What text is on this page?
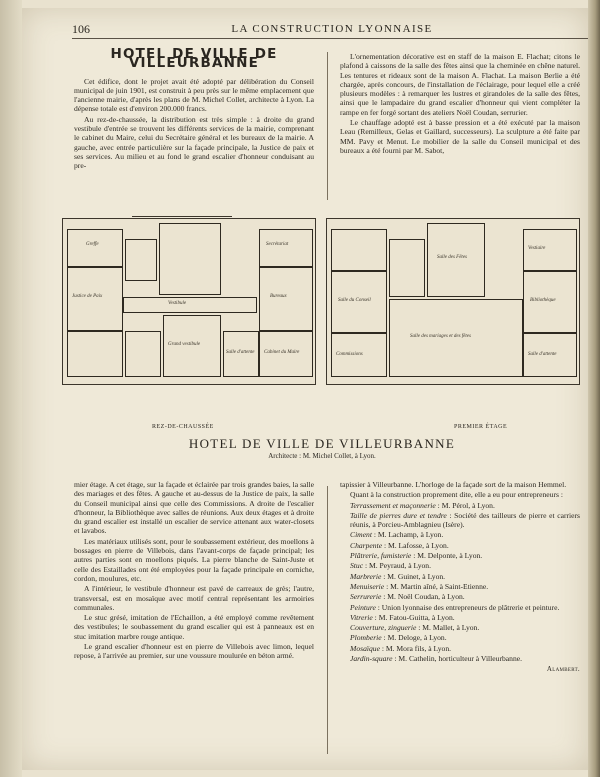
106	LA CONSTRUCTION LYONNAISE
HOTEL DE VILLE DE VILLEURBANNE

Cet édifice, dont le projet avait été adopté par délibération du Conseil municipal de juin 1901, est construit à peu près sur le même emplacement que l'ancienne mairie, d'après les plans de M. Michel Collet, architecte à Lyon. La dépense totale est d'environ 200.000 francs.

Au rez-de-chaussée, la distribution est très simple : à droite du grand vestibule d'entrée se trouvent les différents services de la mairie, comprenant le cabinet du Maire, celui du Secrétaire général et les bureaux de la mairie. A gauche, avec entrée particulière sur la façade principale, la Justice de paix et ses services. Au milieu et au fond le grand escalier d'honneur conduisant au pre-

L'ornementation décorative est en staff de la maison E. Flachat; citons le plafond à caissons de la salle des fêtes ainsi que la cheminée en chêne naturel. Les tentures et rideaux sont de la maison A. Flachat. La maison Berlie a été chargée, après concours, de l'installation de l'éclairage, pour lequel elle a créé plusieurs modèles : à remarquer les lustres et girandoles de la salle des fêtes, ainsi que le lampadaire du grand escalier d'honneur qui vient compléter la rampe en fer forgé sortant des ateliers Noël Coudan, serrurier.

Le chauffage adopté est à basse pression et a été exécuté par la maison Leau (Remilleux, Gelas et Gaillard, successeurs). La sculpture a été faite par MM. Pavy et Menut. Le mobilier de la salle du Conseil municipal et des bureaux a été fourni par M. Sabot,

Greffe
Justice de Paix
Vestibule
Grand vestibule
Salle d'attente
Secrétariat
Bureaux
Cabinet du Maire
Salle du Conseil
Commissions
Salle des mariages et des fêtes
Vestiaire
Bibliothèque
Salle d'attente
Salle des Fêtes
REZ-DE-CHAUSSÉE	PREMIER ÉTAGE
HOTEL DE VILLE DE VILLEURBANNE
Architecte : M. Michel Collet, à Lyon.

mier étage. A cet étage, sur la façade et éclairée par trois grandes baies, la salle des mariages et des fêtes. A gauche et au-dessus de la Justice de paix, la salle du Conseil municipal ainsi que celle des Commissions. A droite de l'escalier d'honneur, la Bibliothèque avec salles de réunions. Aux deux étages et à droite du grand escalier est installé un escalier de service attenant aux water-closets et lavabos.

Les matériaux utilisés sont, pour le soubassement extérieur, des moellons à bossages en pierre de Villebois, dans l'avant-corps de façade principal; les autres parties sont en moellons piqués. La pierre blanche de Saint-Juste et celle des Estaillades ont été employées pour la façade principale en corniche, cordon, moulures, etc.

A l'intérieur, le vestibule d'honneur est pavé de carreaux de grès; l'autre, transversal, est en mosaïque avec motif central représentant les armoiries communales.

Le stuc grésé, imitation de l'Echaillon, a été employé comme revêtement des vestibules; le soubassement du grand escalier qui est à panneaux est en stuc imitation marbre rouge antique.

Le grand escalier d'honneur est en pierre de Villebois avec limon, lequel repose, à l'arrivée au premier, sur une voussure moulurée en béton armé.

tapissier à Villeurbanne. L'horloge de la façade sort de la maison Hemmel.

Quant à la construction proprement dite, elle a eu pour entrepreneurs :

Terrassement et maçonnerie : M. Pérol, à Lyon.

Taille de pierres dure et tendre : Société des tailleurs de pierre et carriers réunis, à Porcieu-Amblagnieu (Isère).

Ciment : M. Lachamp, à Lyon.

Charpente : M. Lafosse, à Lyon.

Plâtrerie, fumisterie : M. Delponte, à Lyon.

Stuc : M. Peyraud, à Lyon.

Marbrerie : M. Guinet, à Lyon.

Menuiserie : M. Martin aîné, à Saint-Etienne.

Serrurerie : M. Noël Coudan, à Lyon.

Peinture : Union lyonnaise des entrepreneurs de plâtrerie et peinture.

Vitrerie : M. Fatou-Guitta, à Lyon.

Couverture, zinguerie : M. Mallet, à Lyon.

Plomberie : M. Deloge, à Lyon.

Mosaïque : M. Mora fils, à Lyon.

Jardin-square : M. Cathelin, horticulteur à Villeurbanne.

Alambert.
